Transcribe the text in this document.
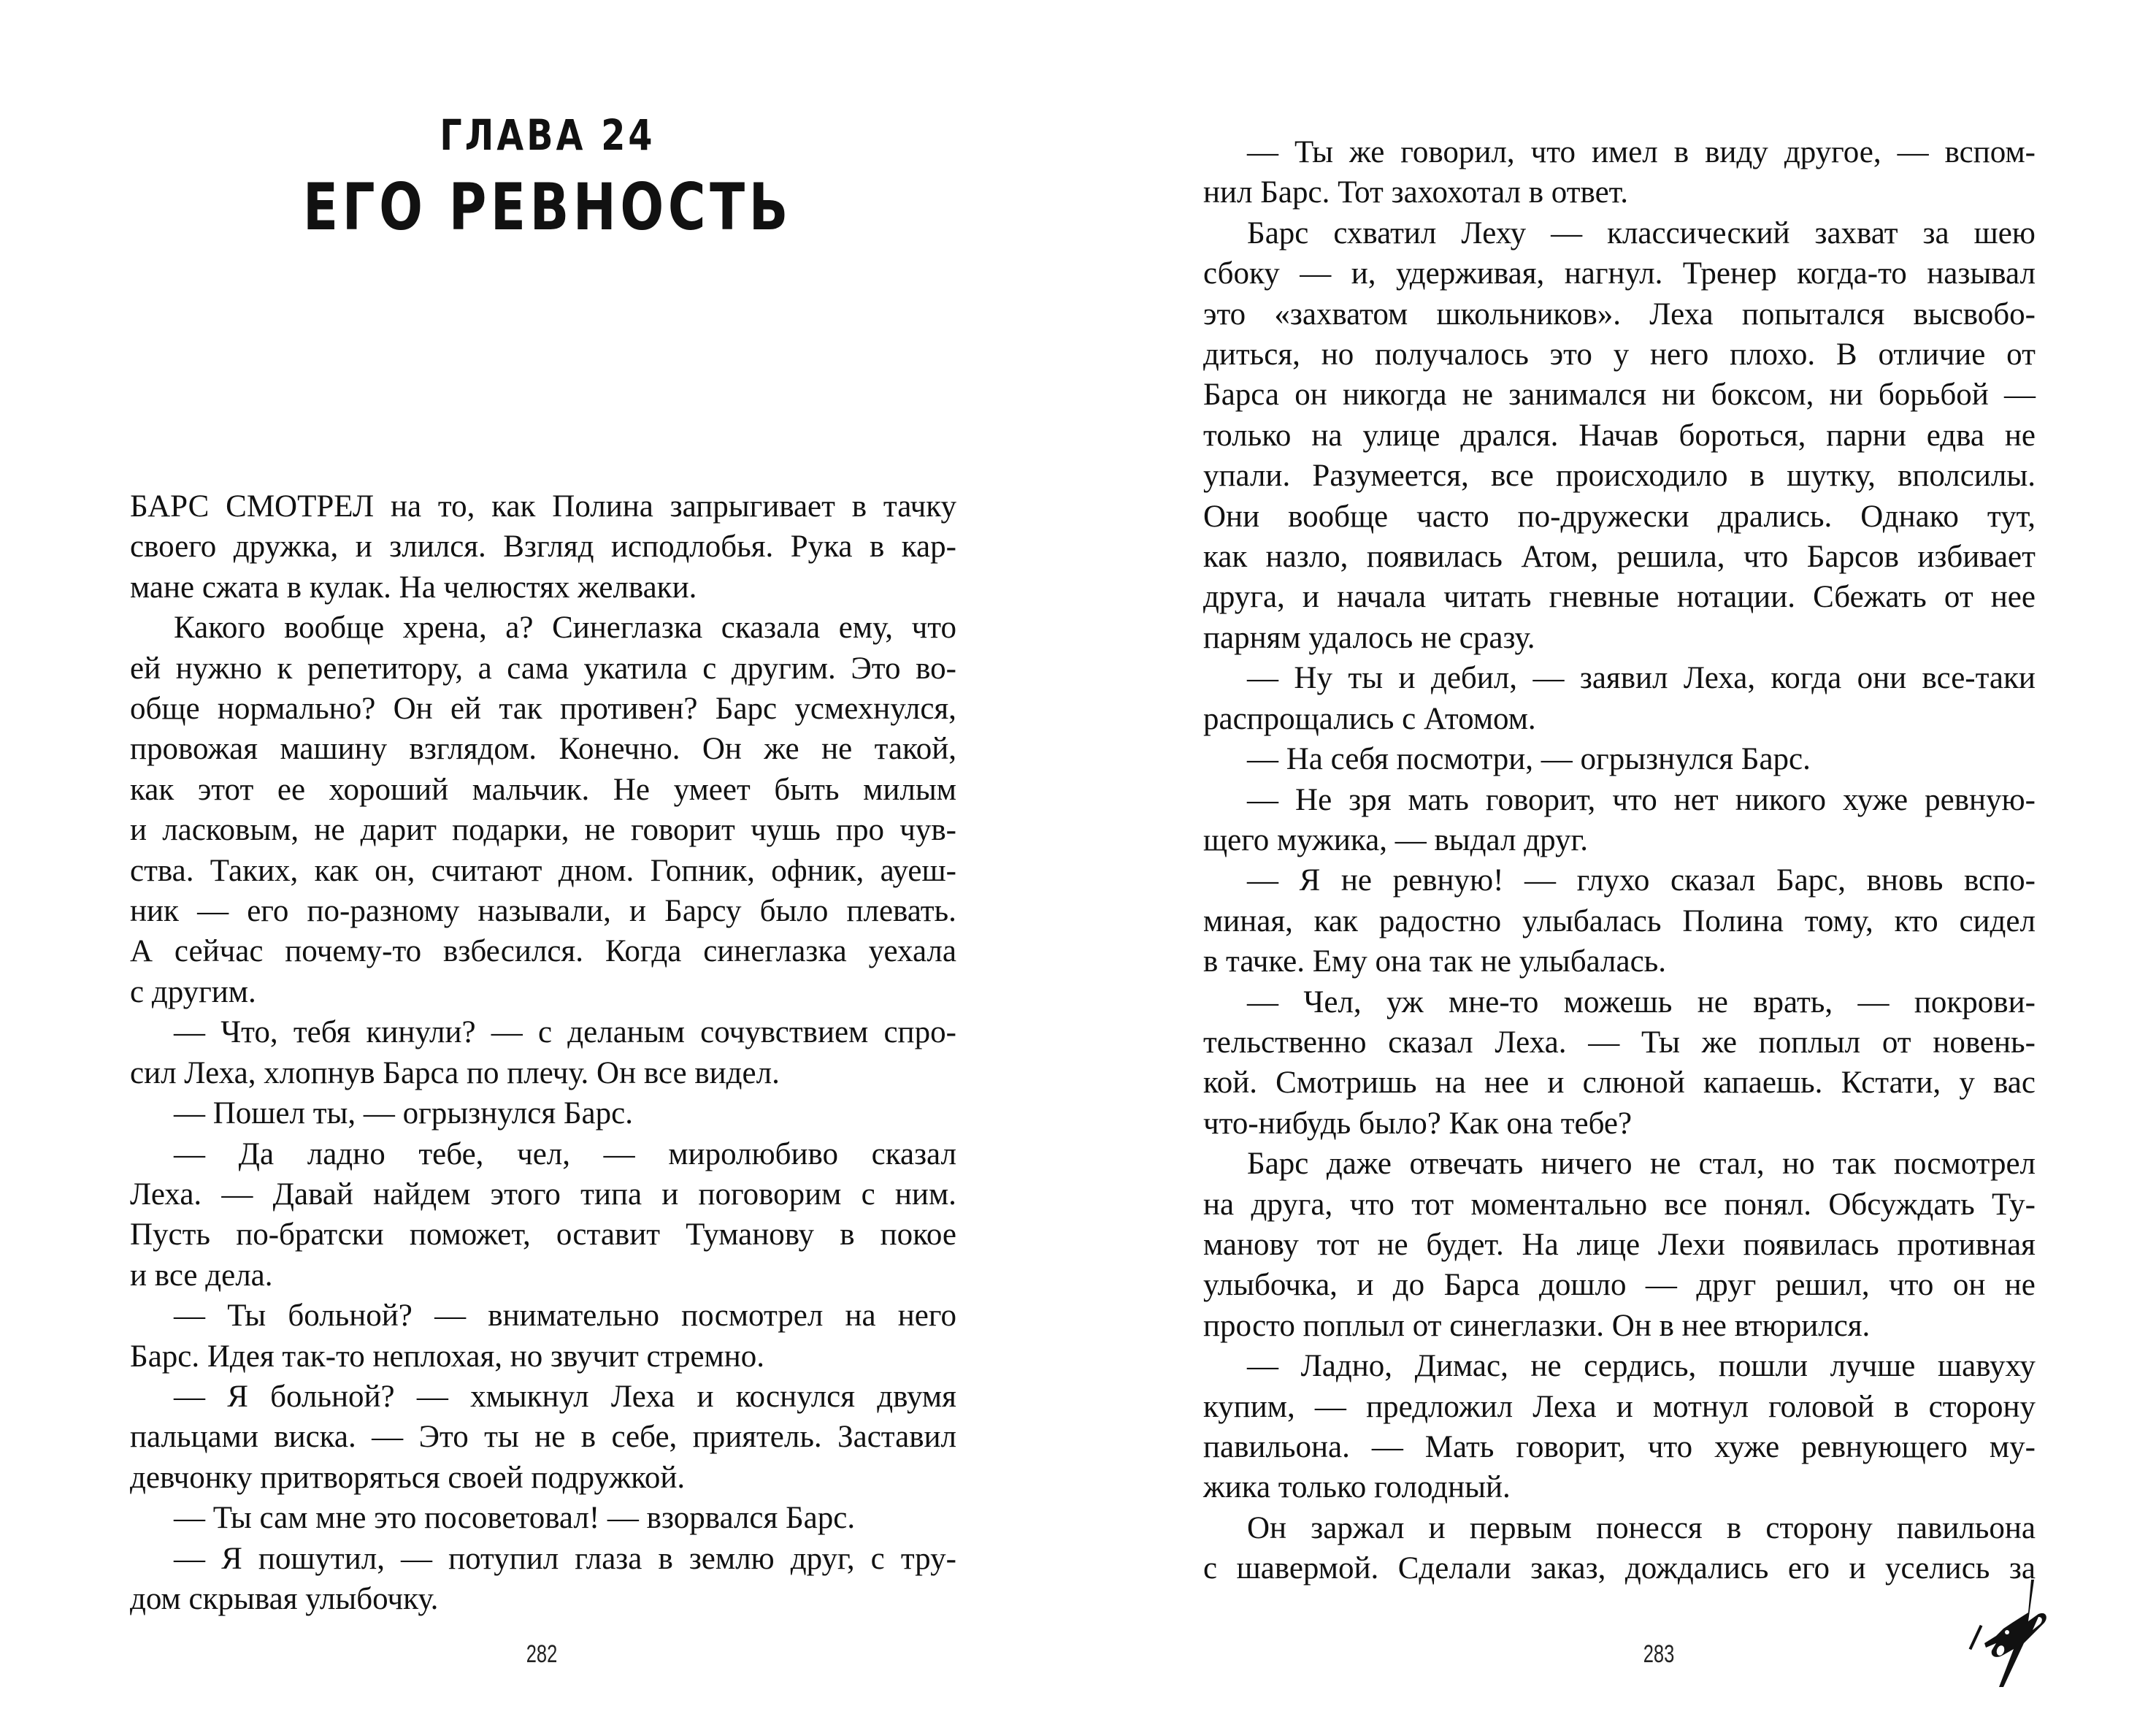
ГЛАВА 24
ЕГО РЕВНОСТЬ
БАРС СМОТРЕЛ на то, как Полина запрыгивает в тачку
своего дружка, и злился. Взгляд исподлобья. Рука в кар-
мане сжата в кулак. На челюстях желваки.
Какого вообще хрена, а? Синеглазка сказала ему, что
ей нужно к репетитору, а сама укатила с другим. Это во-
обще нормально? Он ей так противен? Барс усмехнулся,
провожая машину взглядом. Конечно. Он же не такой,
как этот ее хороший мальчик. Не умеет быть милым
и ласковым, не дарит подарки, не говорит чушь про чув-
ства. Таких, как он, считают дном. Гопник, офник, ауеш-
ник — его по-разному называли, и Барсу было плевать.
А сейчас почему-то взбесился. Когда синеглазка уехала
с другим.
— Что, тебя кинули? — с деланым сочувствием спро-
сил Леха, хлопнув Барса по плечу. Он все видел.
— Пошел ты, — огрызнулся Барс.
— Да ладно тебе, чел, — миролюбиво сказал
Леха. — Давай найдем этого типа и поговорим с ним.
Пусть по-братски поможет, оставит Туманову в покое
и все дела.
— Ты больной? — внимательно посмотрел на него
Барс. Идея так-то неплохая, но звучит стремно.
— Я больной? — хмыкнул Леха и коснулся двумя
пальцами виска. — Это ты не в себе, приятель. Заставил
девчонку притворяться своей подружкой.
— Ты сам мне это посоветовал! — взорвался Барс.
— Я пошутил, — потупил глаза в землю друг, с тру-
дом скрывая улыбочку.
282
— Ты же говорил, что имел в виду другое, — вспом-
нил Барс. Тот захохотал в ответ.
Барс схватил Леху — классический захват за шею
сбоку — и, удерживая, нагнул. Тренер когда-то называл
это «захватом школьников». Леха попытался высвобо-
диться, но получалось это у него плохо. В отличие от
Барса он никогда не занимался ни боксом, ни борьбой —
только на улице дрался. Начав бороться, парни едва не
упали. Разумеется, все происходило в шутку, вполсилы.
Они вообще часто по-дружески дрались. Однако тут,
как назло, появилась Атом, решила, что Барсов избивает
друга, и начала читать гневные нотации. Сбежать от нее
парням удалось не сразу.
— Ну ты и дебил, — заявил Леха, когда они все-таки
распрощались с Атомом.
— На себя посмотри, — огрызнулся Барс.
— Не зря мать говорит, что нет никого хуже ревную-
щего мужика, — выдал друг.
— Я не ревную! — глухо сказал Барс, вновь вспо-
миная, как радостно улыбалась Полина тому, кто сидел
в тачке. Ему она так не улыбалась.
— Чел, уж мне-то можешь не врать, — покрови-
тельственно сказал Леха. — Ты же поплыл от новень-
кой. Смотришь на нее и слюной капаешь. Кстати, у вас
что-нибудь было? Как она тебе?
Барс даже отвечать ничего не стал, но так посмотрел
на друга, что тот моментально все понял. Обсуждать Ту-
манову тот не будет. На лице Лехи появилась противная
улыбочка, и до Барса дошло — друг решил, что он не
просто поплыл от синеглазки. Он в нее втюрился.
— Ладно, Димас, не сердись, пошли лучше шавуху
купим, — предложил Леха и мотнул головой в сторону
павильона. — Мать говорит, что хуже ревнующего му-
жика только голодный.
Он заржал и первым понесся в сторону павильона
с шавермой. Сделали заказ, дождались его и уселись за
283
